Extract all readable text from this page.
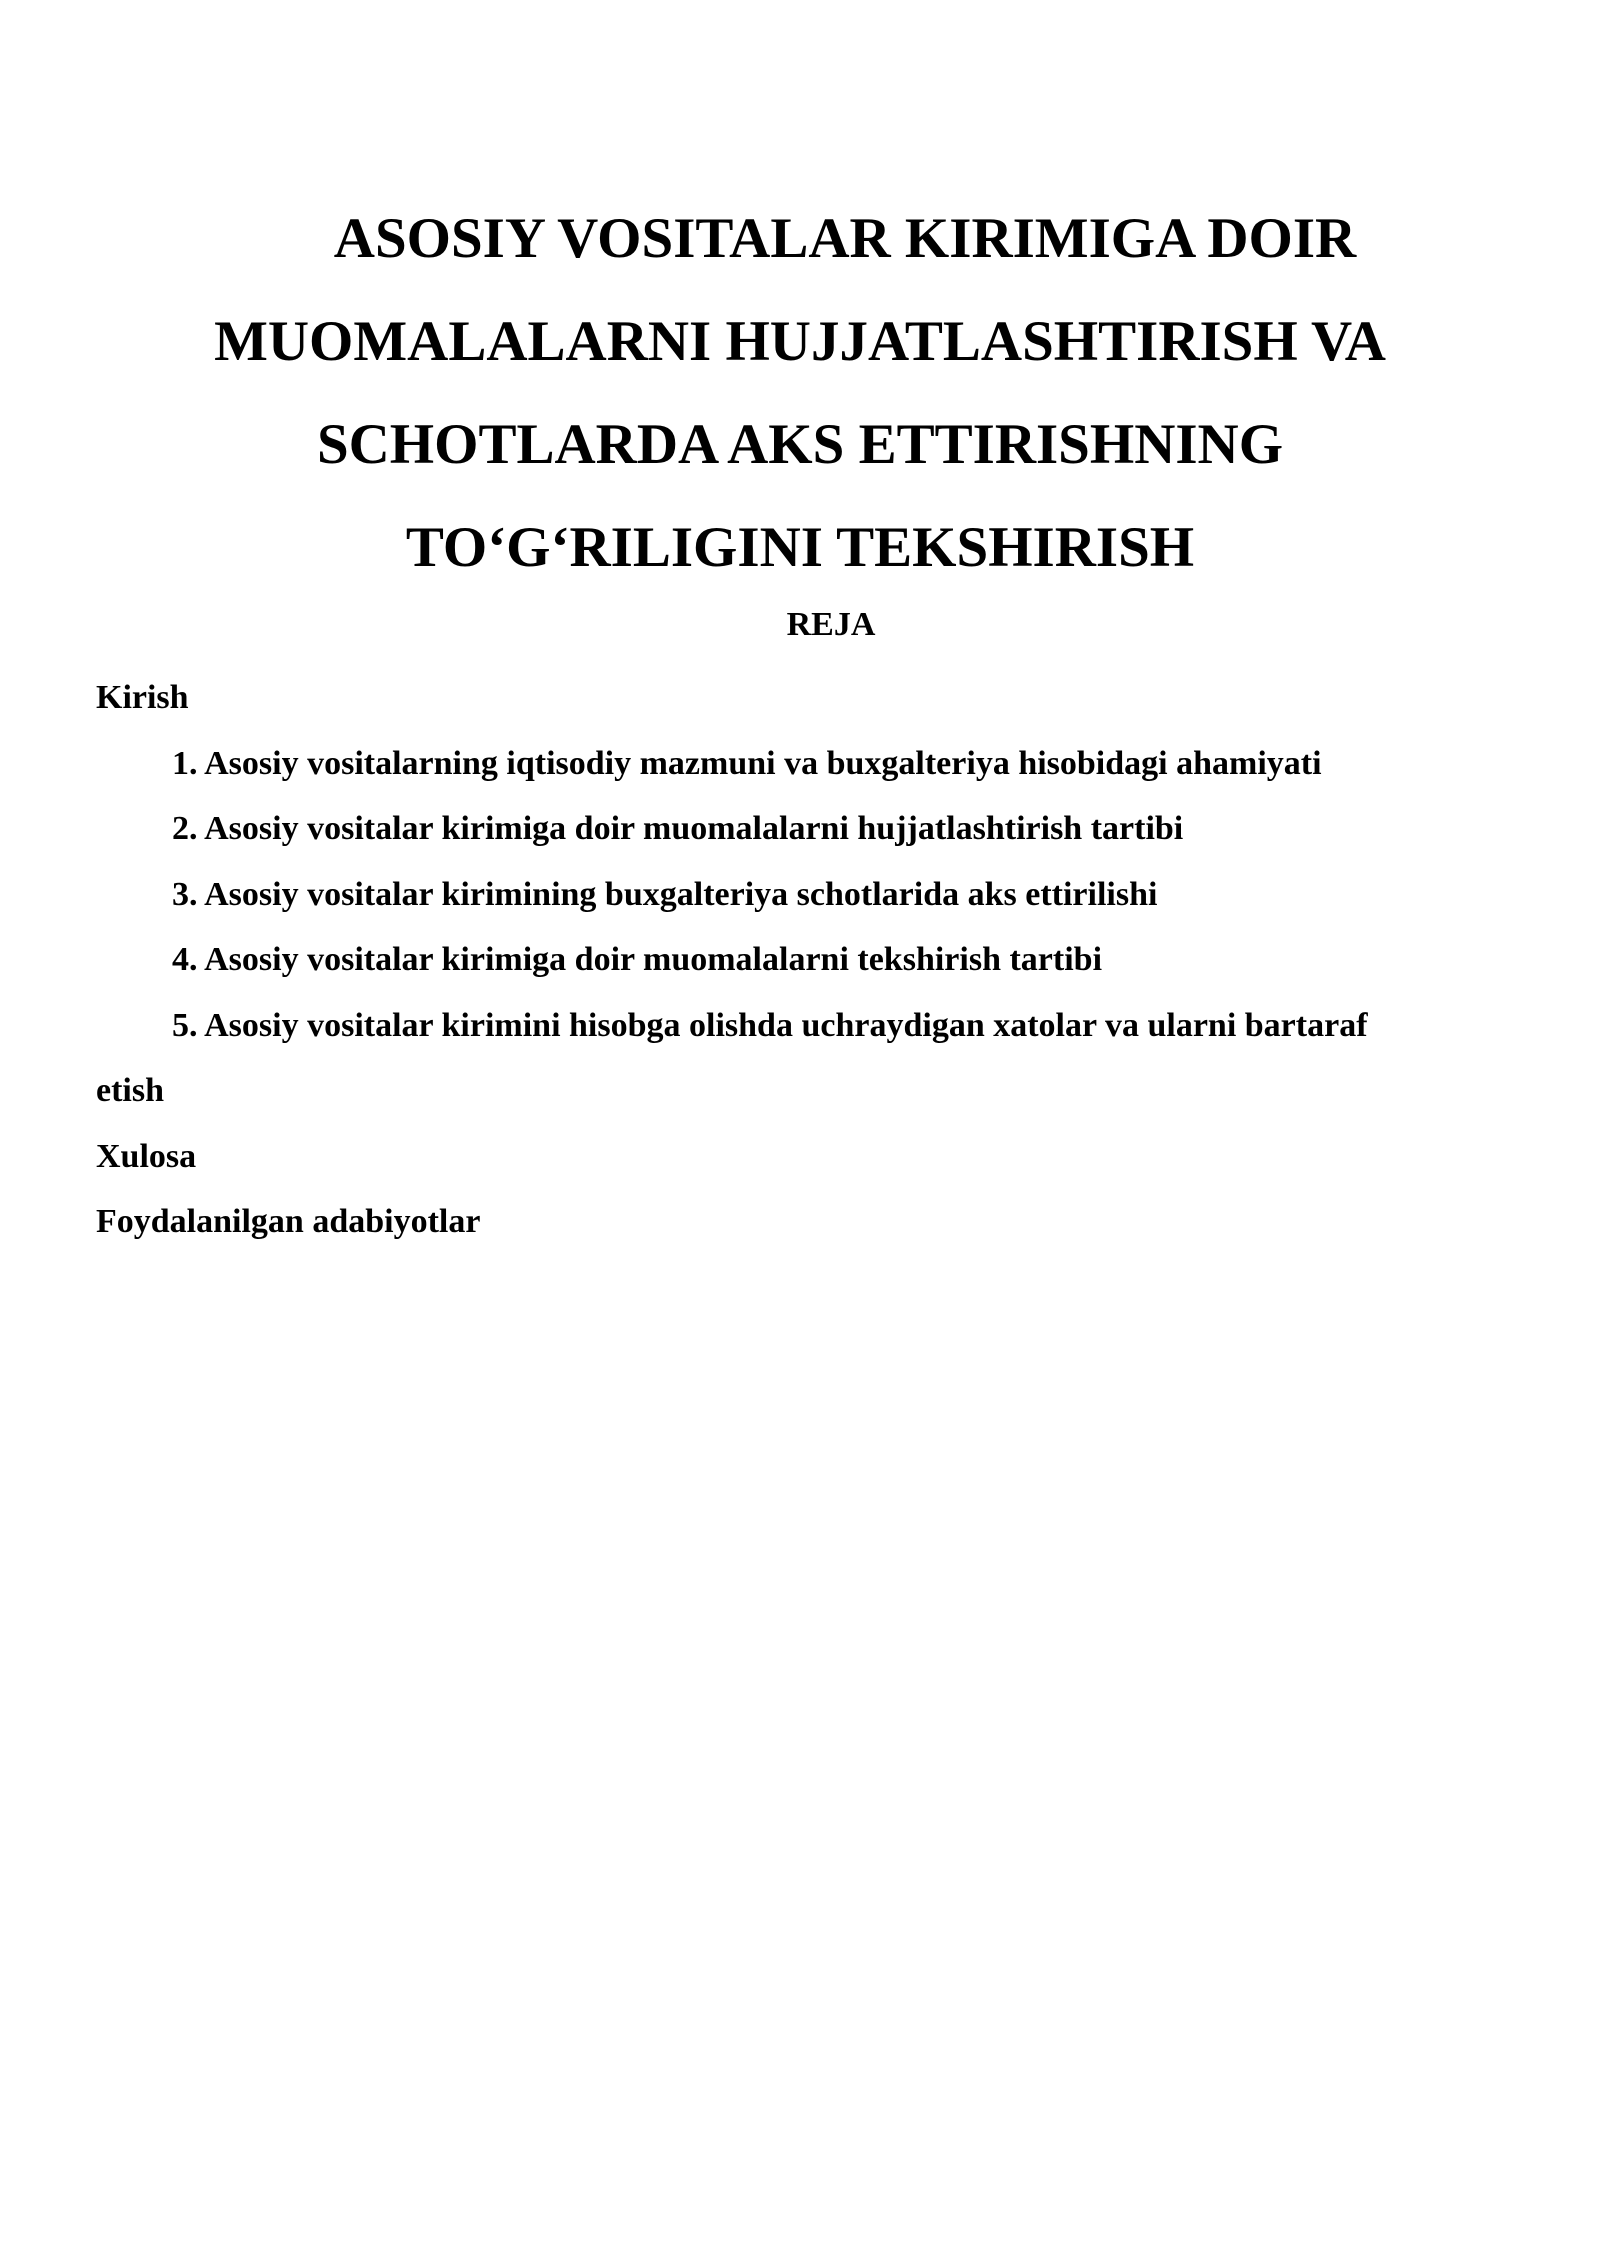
ASOSIY VOSITALAR KIRIMIGA DOIR
MUOMALALARNI HUJJATLASHTIRISH VA
SCHOTLARDA AKS ETTIRISHNING
TO‘G‘RILIGINI TEKSHIRISH

REJA

Kirish
1. Asosiy vositalarning iqtisodiy mazmuni va buxgalteriya hisobidagi ahamiyati
2. Asosiy vositalar kirimiga doir muomalalarni hujjatlashtirish tartibi
3. Asosiy vositalar kirimining buxgalteriya schotlarida aks ettirilishi
4. Asosiy vositalar kirimiga doir muomalalarni tekshirish tartibi
5. Asosiy vositalar kirimini hisobga olishda uchraydigan xatolar va ularni bartaraf
etish
Xulosa
Foydalanilgan adabiyotlar
